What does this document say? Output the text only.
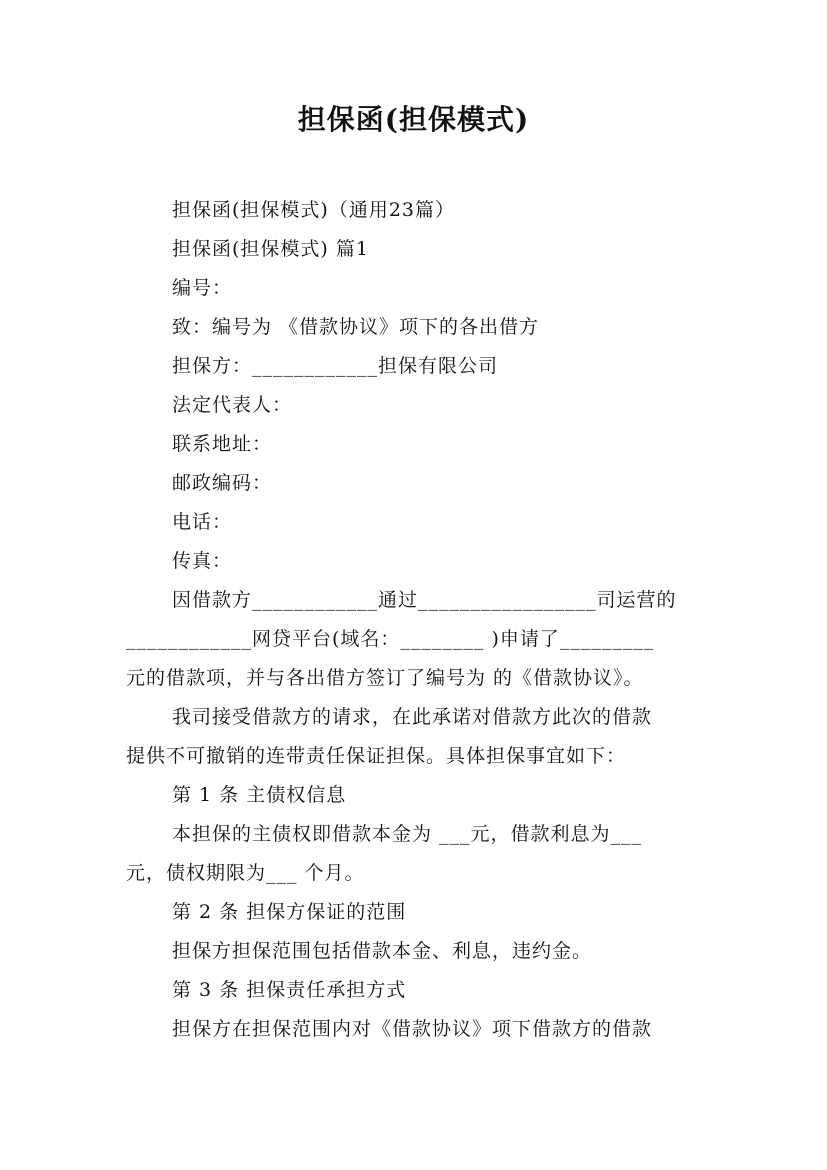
担保函(担保模式)
担保函(担保模式)（通用23篇）
担保函(担保模式) 篇1
编号：
致：编号为 《借款协议》项下的各出借方
担保方：____________担保有限公司
法定代表人：
联系地址：
邮政编码：
电话：
传真：
因借款方____________通过_________________司运营的
____________网贷平台(域名：________ )申请了_________
元的借款项，并与各出借方签订了编号为 的《借款协议》。
我司接受借款方的请求，在此承诺对借款方此次的借款
提供不可撤销的连带责任保证担保。具体担保事宜如下：
第 1 条 主债权信息
本担保的主债权即借款本金为 ___元，借款利息为___
元，债权期限为___ 个月。
第 2 条 担保方保证的范围
担保方担保范围包括借款本金、利息，违约金。
第 3 条 担保责任承担方式
担保方在担保范围内对《借款协议》项下借款方的借款
